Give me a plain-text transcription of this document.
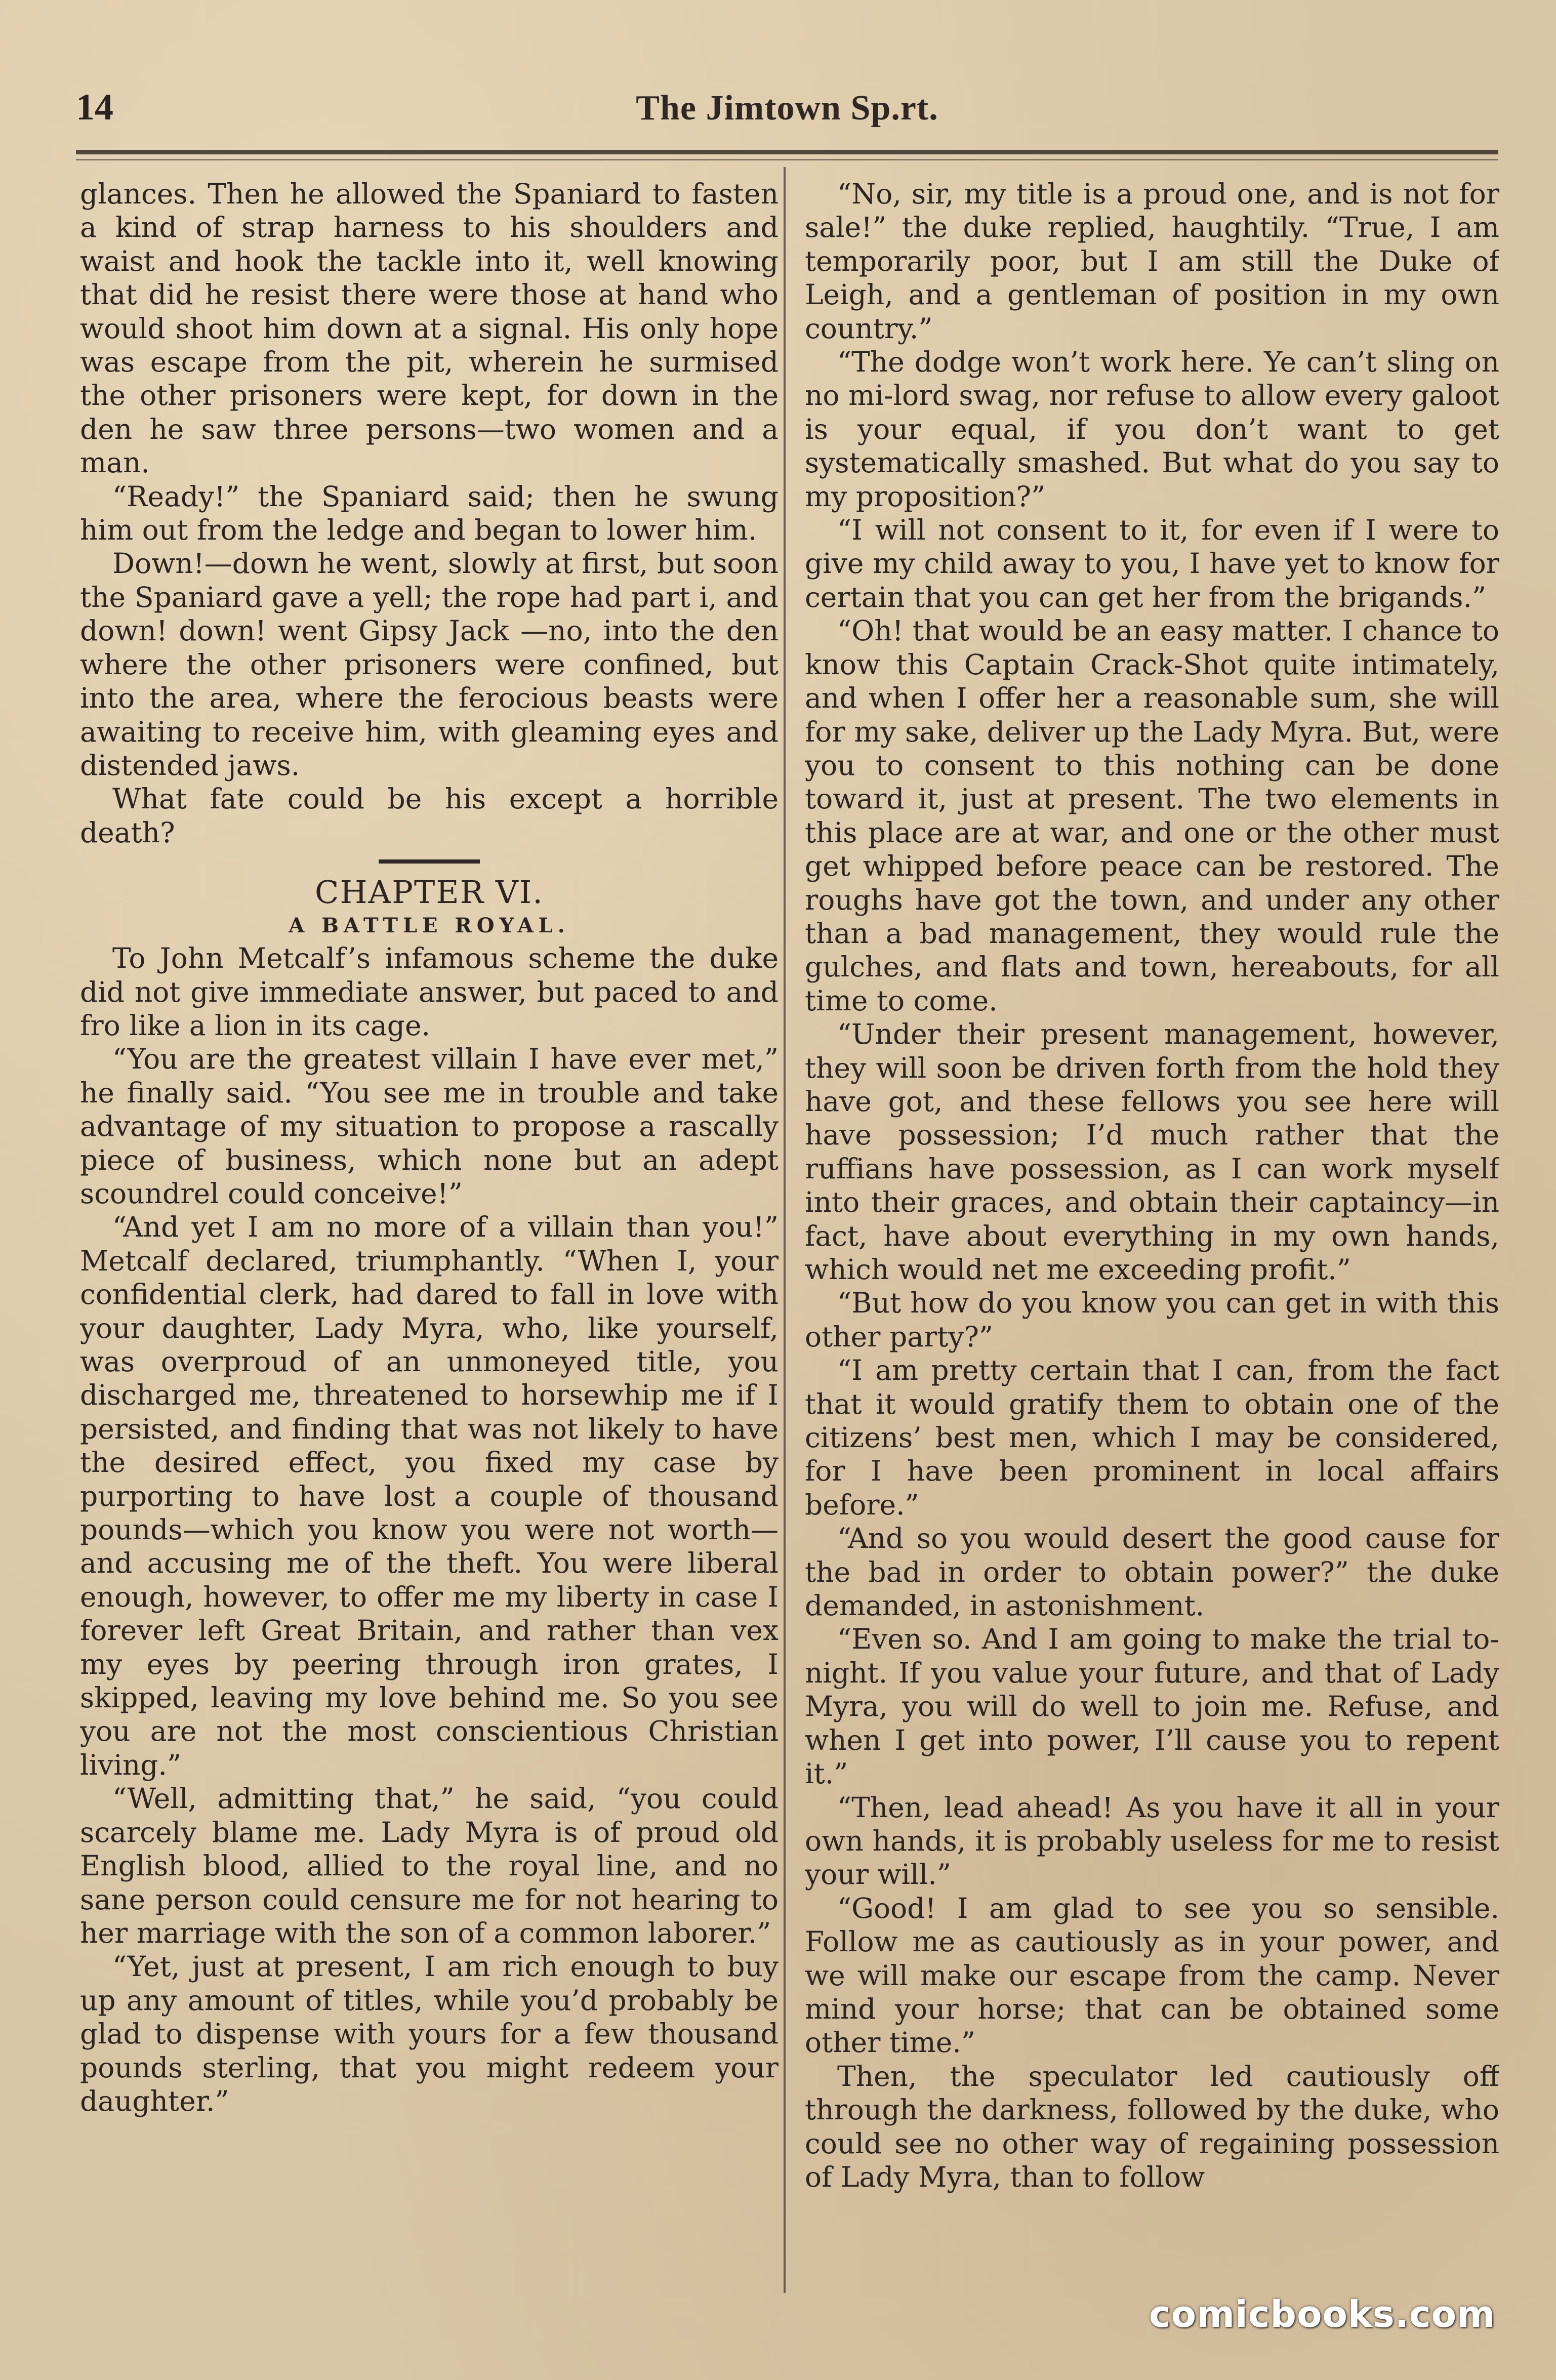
14	The Jimtown Sp.rt.

glances. Then he allowed the Spaniard to fasten a kind of strap harness to his shoulders and waist and hook the tackle into it, well knowing that did he resist there were those at hand who would shoot him down at a signal. His only hope was escape from the pit, wherein he surmised the other prisoners were kept, for down in the den he saw three persons—two women and a man.

“Ready!” the Spaniard said; then he swung him out from the ledge and began to lower him.

Down!—down he went, slowly at first, but soon the Spaniard gave a yell; the rope had part i, and down! down! went Gipsy Jack —no, into the den where the other prisoners were confined, but into the area, where the ferocious beasts were awaiting to receive him, with gleaming eyes and distended jaws.

What fate could be his except a horrible death?

CHAPTER VI.
A BATTLE ROYAL.

To John Metcalf’s infamous scheme the duke did not give immediate answer, but paced to and fro like a lion in its cage.

“You are the greatest villain I have ever met,” he finally said. “You see me in trouble and take advantage of my situation to propose a rascally piece of business, which none but an adept scoundrel could conceive!”

“And yet I am no more of a villain than you!” Metcalf declared, triumphantly. “When I, your confidential clerk, had dared to fall in love with your daughter, Lady Myra, who, like yourself, was overproud of an unmoneyed title, you discharged me, threatened to horsewhip me if I persisted, and finding that was not likely to have the desired effect, you fixed my case by purporting to have lost a couple of thousand pounds—which you know you were not worth—and accusing me of the theft. You were liberal enough, however, to offer me my liberty in case I forever left Great Britain, and rather than vex my eyes by peering through iron grates, I skipped, leaving my love behind me. So you see you are not the most conscientious Christian living.”

“Well, admitting that,” he said, “you could scarcely blame me. Lady Myra is of proud old English blood, allied to the royal line, and no sane person could censure me for not hearing to her marriage with the son of a common laborer.”

“Yet, just at present, I am rich enough to buy up any amount of titles, while you’d probably be glad to dispense with yours for a few thousand pounds sterling, that you might redeem your daughter.”

“No, sir, my title is a proud one, and is not for sale!” the duke replied, haughtily. “True, I am temporarily poor, but I am still the Duke of Leigh, and a gentleman of position in my own country.”

“The dodge won’t work here. Ye can’t sling on no mi-lord swag, nor refuse to allow every galoot is your equal, if you don’t want to get systematically smashed. But what do you say to my proposition?”

“I will not consent to it, for even if I were to give my child away to you, I have yet to know for certain that you can get her from the brigands.”

“Oh! that would be an easy matter. I chance to know this Captain Crack-Shot quite intimately, and when I offer her a reasonable sum, she will for my sake, deliver up the Lady Myra. But, were you to consent to this nothing can be done toward it, just at present. The two elements in this place are at war, and one or the other must get whipped before peace can be restored. The roughs have got the town, and under any other than a bad management, they would rule the gulches, and flats and town, hereabouts, for all time to come.

“Under their present management, however, they will soon be driven forth from the hold they have got, and these fellows you see here will have possession; I’d much rather that the ruffians have possession, as I can work myself into their graces, and obtain their captaincy—in fact, have about everything in my own hands, which would net me exceeding profit.”

“But how do you know you can get in with this other party?”

“I am pretty certain that I can, from the fact that it would gratify them to obtain one of the citizens’ best men, which I may be considered, for I have been prominent in local affairs before.”

“And so you would desert the good cause for the bad in order to obtain power?” the duke demanded, in astonishment.

“Even so. And I am going to make the trial to-night. If you value your future, and that of Lady Myra, you will do well to join me. Refuse, and when I get into power, I’ll cause you to repent it.”

“Then, lead ahead! As you have it all in your own hands, it is probably useless for me to resist your will.”

“Good! I am glad to see you so sensible. Follow me as cautiously as in your power, and we will make our escape from the camp. Never mind your horse; that can be obtained some other time.”

Then, the speculator led cautiously off through the darkness, followed by the duke, who could see no other way of regaining possession of Lady Myra, than to follow

comicbooks.com
